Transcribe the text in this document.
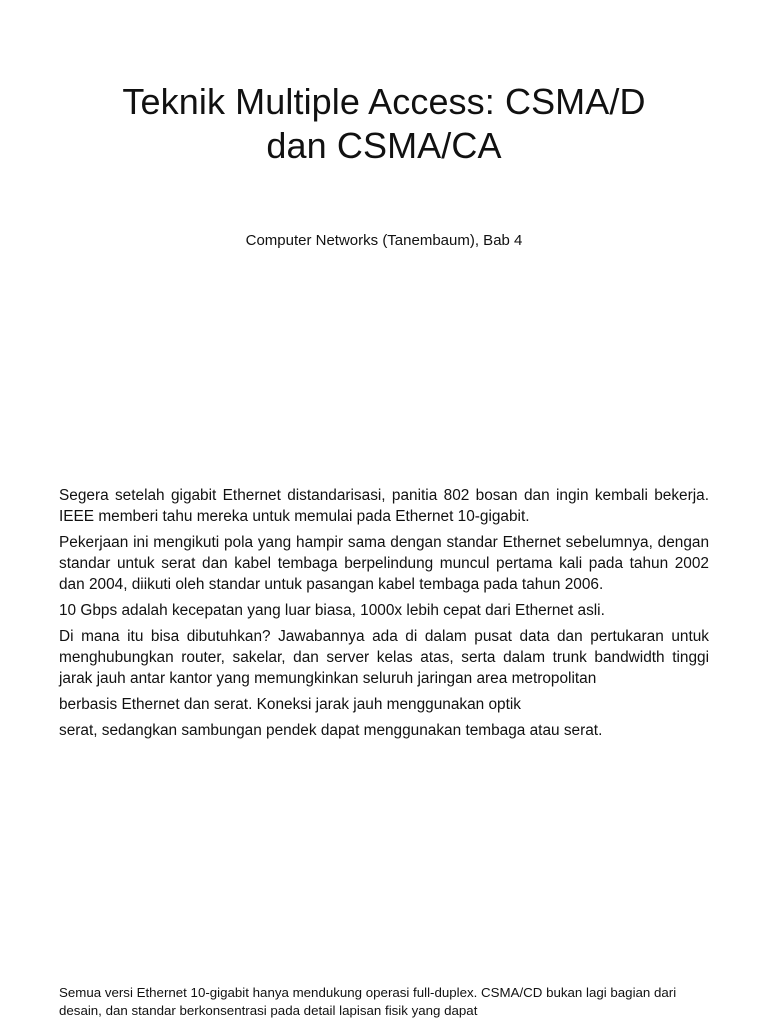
Teknik Multiple Access: CSMA/D
dan CSMA/CA
Computer Networks (Tanembaum), Bab 4

Segera setelah gigabit Ethernet distandarisasi, panitia 802 bosan dan ingin kembali bekerja. IEEE memberi tahu mereka untuk memulai pada Ethernet 10-gigabit.

Pekerjaan ini mengikuti pola yang hampir sama dengan standar Ethernet sebelumnya, dengan standar untuk serat dan kabel tembaga berpelindung muncul pertama kali pada tahun 2002 dan 2004, diikuti oleh standar untuk pasangan kabel tembaga pada tahun 2006.

10 Gbps adalah kecepatan yang luar biasa, 1000x lebih cepat dari Ethernet asli.

Di mana itu bisa dibutuhkan? Jawabannya ada di dalam pusat data dan pertukaran untuk menghubungkan router, sakelar, dan server kelas atas, serta dalam trunk bandwidth tinggi jarak jauh antar kantor yang memungkinkan seluruh jaringan area metropolitan

berbasis Ethernet dan serat. Koneksi jarak jauh menggunakan optik

serat, sedangkan sambungan pendek dapat menggunakan tembaga atau serat.

Semua versi Ethernet 10-gigabit hanya mendukung operasi full-duplex. CSMA/CD bukan lagi bagian dari desain, dan standar berkonsentrasi pada detail lapisan fisik yang dapat
